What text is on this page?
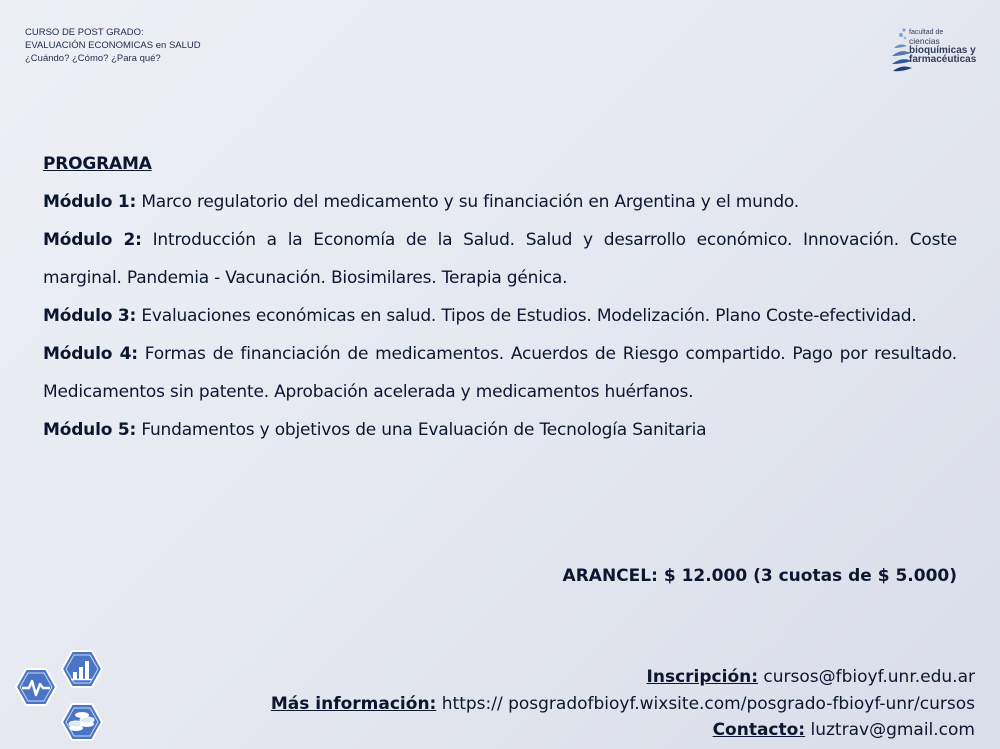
CURSO DE POST GRADO:
EVALUACIÓN ECONOMICAS en SALUD
¿Cuándo? ¿Cómo? ¿Para qué?
facultad de
ciencias
bioquímicas y
farmacéuticas

PROGRAMA

Módulo 1: Marco regulatorio del medicamento y su financiación en Argentina y el mundo.

Módulo 2: Introducción a la Economía de la Salud. Salud y desarrollo económico. Innovación. Coste marginal. Pandemia - Vacunación. Biosimilares. Terapia génica.

Módulo 3: Evaluaciones económicas en salud. Tipos de Estudios. Modelización. Plano Coste-efectividad.

Módulo 4: Formas de financiación de medicamentos. Acuerdos de Riesgo compartido. Pago por resultado. Medicamentos sin patente. Aprobación acelerada y medicamentos huérfanos.

Módulo 5: Fundamentos y objetivos de una Evaluación de Tecnología Sanitaria

ARANCEL: $ 12.000 (3 cuotas de $ 5.000)
Inscripción: cursos@fbioyf.unr.edu.ar
Más información: https:// posgradofbioyf.wixsite.com/posgrado-fbioyf-unr/cursos
Contacto: luztrav@gmail.com
